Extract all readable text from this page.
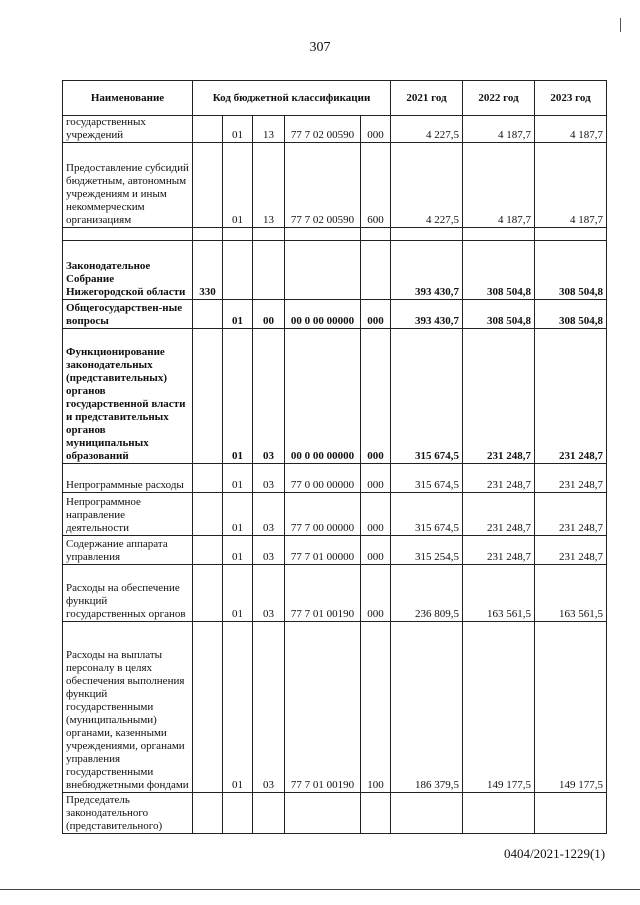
307
Наименование	Код бюджетной классификации					2021 год	2022 год	2023 год
государственных учреждений		01	13	77 7 02 00590	000	4 227,5	4 187,7	4 187,7
Предоставление субсидий бюджетным, автономным учреждениям и иным некоммерческим организациям		01	13	77 7 02 00590	600	4 227,5	4 187,7	4 187,7

Законодательное Собрание Нижегородской области	330					393 430,7	308 504,8	308 504,8
Общегосударствен-ные вопросы		01	00	00 0 00 00000	000	393 430,7	308 504,8	308 504,8
Функционирование законодательных (представительных) органов государственной власти и представительных органов муниципальных образований		01	03	00 0 00 00000	000	315 674,5	231 248,7	231 248,7
Непрограммные расходы		01	03	77 0 00 00000	000	315 674,5	231 248,7	231 248,7
Непрограммное направление деятельности		01	03	77 7 00 00000	000	315 674,5	231 248,7	231 248,7
Содержание аппарата управления		01	03	77 7 01 00000	000	315 254,5	231 248,7	231 248,7
Расходы на обеспечение функций государственных органов		01	03	77 7 01 00190	000	236 809,5	163 561,5	163 561,5
Расходы на выплаты персоналу в целях обеспечения выполнения функций государственными (муниципальными) органами, казенными учреждениями, органами управления государственными внебюджетными фондами		01	03	77 7 01 00190	100	186 379,5	149 177,5	149 177,5
Председатель законодательного (представительного)								
0404/2021-1229(1)
